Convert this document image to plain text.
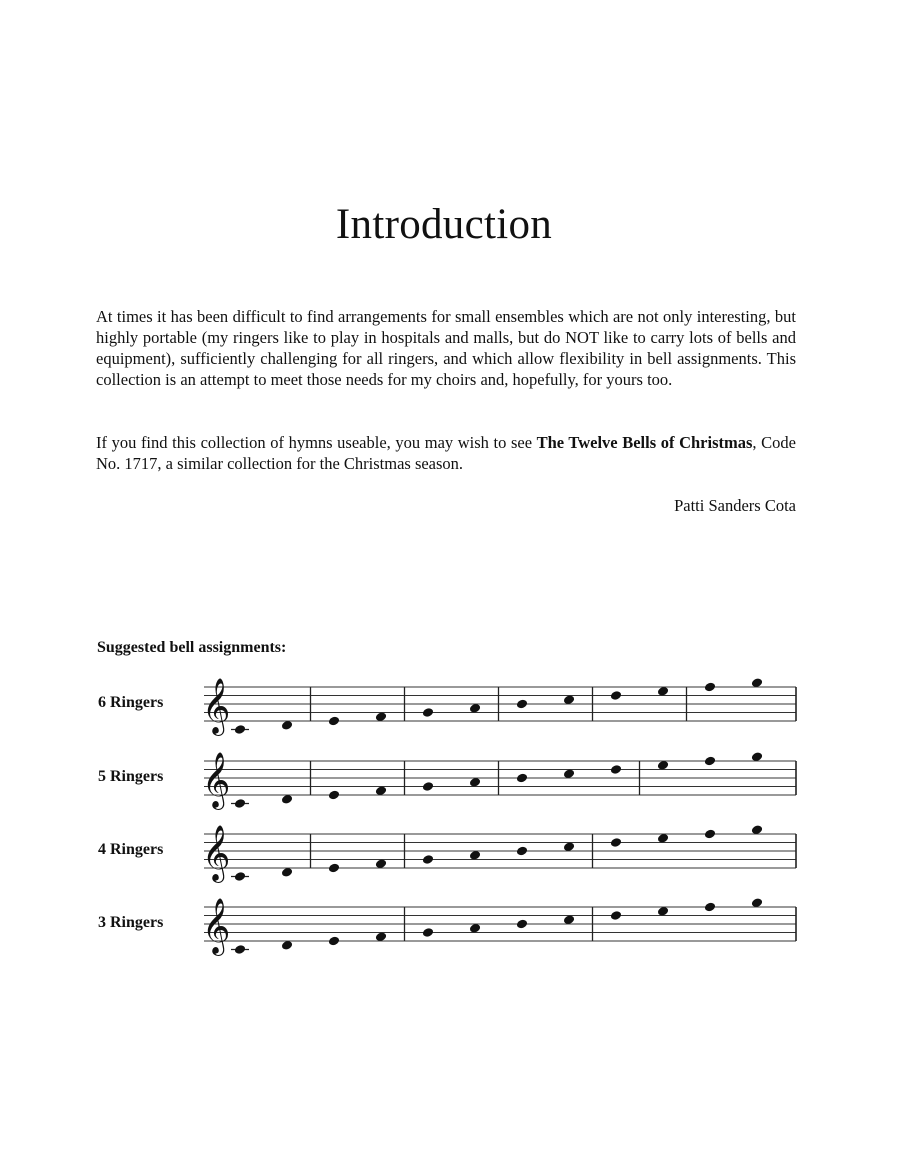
Introduction
At times it has been difficult to find arrangements for small ensembles which are not only interesting, but highly portable (my ringers like to play in hospitals and malls, but do NOT like to carry lots of bells and equipment), sufficiently challenging for all ringers, and which allow flexibility in bell assignments. This collection is an attempt to meet those needs for my choirs and, hopefully, for yours too.
If you find this collection of hymns useable, you may wish to see The Twelve Bells of Christmas, Code No. 1717, a similar collection for the Christmas season.
Patti Sanders Cota
Suggested bell assignments:
6 Ringers 𝄞
5 Ringers 𝄞
4 Ringers 𝄞
3 Ringers 𝄞
